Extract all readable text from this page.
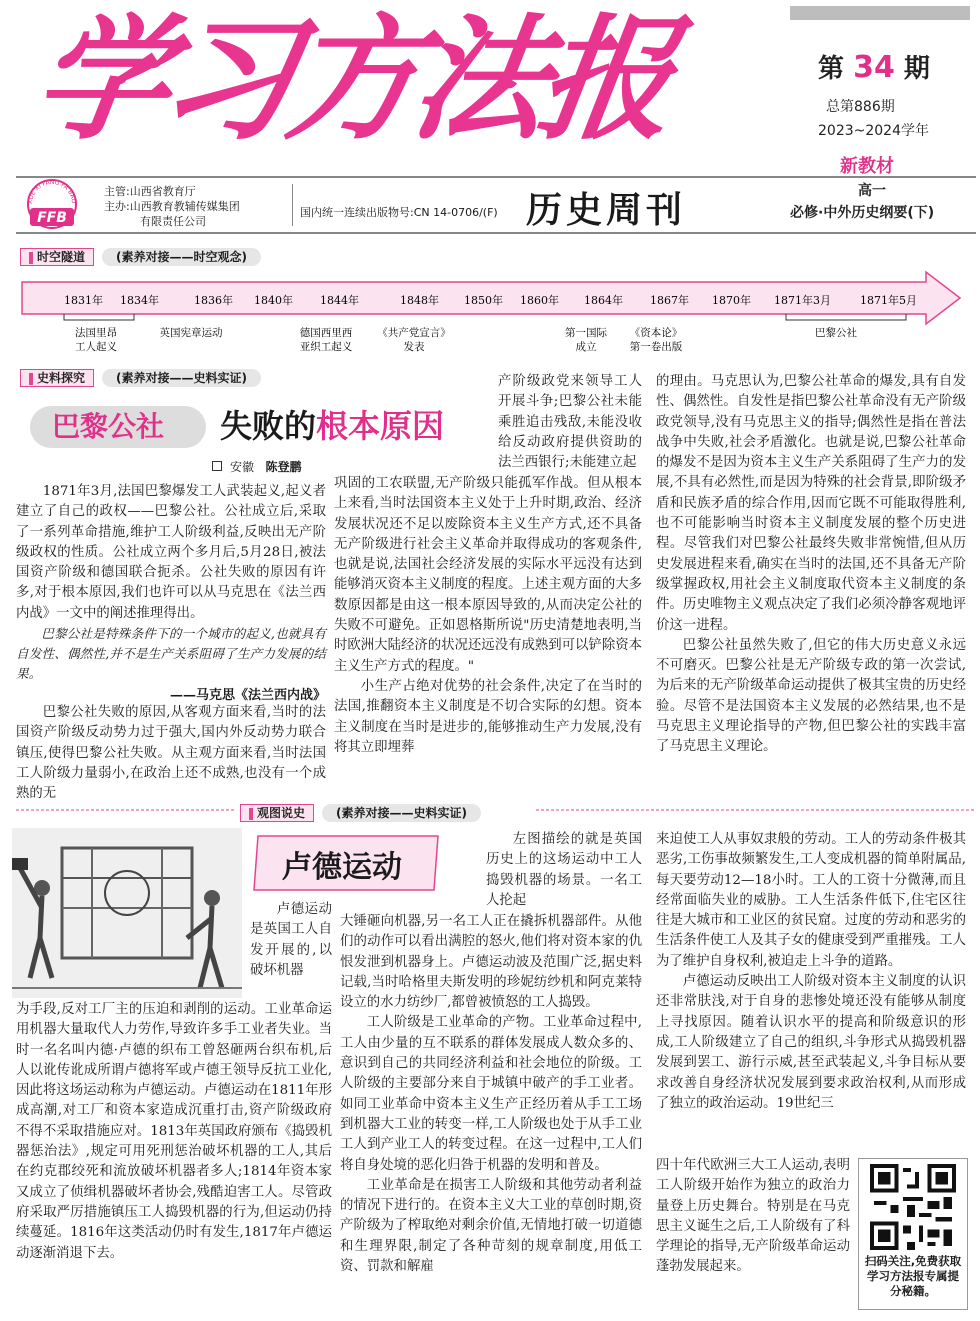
学习方法报	第 34 期
总第886期
2023~2024学年
新教材
高一
必修·中外历史纲要(下)
XUE XI FANG FA BAO
FFB
主管:山西省教育厅
主办:山西教育教辅传媒集团
有限责任公司
国内统一连续出版物号:CN 14-0706/(F) 历史周刊
时空隧道	(素养对接——时空观念)
1831年 1834年	1836年 1840年 1844年	1848年 1850年 1860年 1864年 1867年 1870年 1871年3月	1871年5月
法国里昂
工人起义
英国宪章运动	德国西里西
亚织工起义
《共产党宣言》
发表
第一国际
成立
《资本论》
第一卷出版
巴黎公社
史料探究	(素养对接——史料实证)
巴黎公社 失败的根本原因
安徽 陈登鹏

1871年3月,法国巴黎爆发工人武装起义,起义者建立了自己的政权——巴黎公社。公社成立后,采取了一系列革命措施,维护工人阶级利益,反映出无产阶级政权的性质。公社成立两个多月后,5月28日,被法国资产阶级和德国联合扼杀。公社失败的原因有许多,对于根本原因,我们也许可以从马克思在《法兰西内战》一文中的阐述推理得出。

巴黎公社是特殊条件下的一个城市的起义,也就具有自发性、偶然性,并不是生产关系阻碍了生产力发展的结果。

——马克思《法兰西内战》

巴黎公社失败的原因,从客观方面来看,当时的法国资产阶级反动势力过于强大,国内外反动势力联合镇压,使得巴黎公社失败。从主观方面来看,当时法国工人阶级力量弱小,在政治上还不成熟,也没有一个成熟的无

产阶级政党来领导工人开展斗争;巴黎公社未能乘胜追击残敌,未能没收给反动政府提供资助的法兰西银行;未能建立起

巩固的工农联盟,无产阶级只能孤军作战。但从根本上来看,当时法国资本主义处于上升时期,政治、经济发展状况还不足以废除资本主义生产方式,还不具备无产阶级进行社会主义革命并取得成功的客观条件,也就是说,法国社会经济发展的实际水平远没有达到能够消灭资本主义制度的程度。上述主观方面的大多数原因都是由这一根本原因导致的,从而决定公社的失败不可避免。正如恩格斯所说"历史清楚地表明,当时欧洲大陆经济的状况还远没有成熟到可以铲除资本主义生产方式的程度。"

小生产占绝对优势的社会条件,决定了在当时的法国,推翻资本主义制度是不切合实际的幻想。资本主义制度在当时是进步的,能够推动生产力发展,没有将其立即埋葬

的理由。马克思认为,巴黎公社革命的爆发,具有自发性、偶然性。自发性是指巴黎公社革命没有无产阶级政党领导,没有马克思主义的指导;偶然性是指在普法战争中失败,社会矛盾激化。也就是说,巴黎公社革命的爆发不是因为资本主义生产关系阻碍了生产力的发展,不具有必然性,而是因为特殊的社会背景,即阶级矛盾和民族矛盾的综合作用,因而它既不可能取得胜利,也不可能影响当时资本主义制度发展的整个历史进程。尽管我们对巴黎公社最终失败非常惋惜,但从历史发展进程来看,确实在当时的法国,还不具备无产阶级掌握政权,用社会主义制度取代资本主义制度的条件。历史唯物主义观点决定了我们必须冷静客观地评价这一进程。

巴黎公社虽然失败了,但它的伟大历史意义永远不可磨灭。巴黎公社是无产阶级专政的第一次尝试,为后来的无产阶级革命运动提供了极其宝贵的历史经验。尽管不是法国资本主义发展的必然结果,也不是马克思主义理论指导的产物,但巴黎公社的实践丰富了马克思主义理论。

观图说史	(素养对接——史料实证)
卢德运动

卢德运动是英国工人自发开展的,以破坏机器

为手段,反对工厂主的压迫和剥削的运动。工业革命运用机器大量取代人力劳作,导致许多手工业者失业。当时一名名叫内德·卢德的织布工曾怒砸两台织布机,后人以讹传讹成所谓卢德将军或卢德王领导反抗工业化,因此将这场运动称为卢德运动。卢德运动在1811年形成高潮,对工厂和资本家造成沉重打击,资产阶级政府不得不采取措施应对。1813年英国政府颁布《捣毁机器惩治法》,规定可用死刑惩治破坏机器的工人,其后在约克郡绞死和流放破坏机器者多人;1814年资本家又成立了侦缉机器破坏者协会,残酷迫害工人。尽管政府采取严厉措施镇压工人捣毁机器的行为,但运动仍持续蔓延。1816年这类活动仍时有发生,1817年卢德运动逐渐消退下去。

左图描绘的就是英国历史上的这场运动中工人捣毁机器的场景。一名工人抡起

大锤砸向机器,另一名工人正在撬拆机器部件。从他们的动作可以看出满腔的怒火,他们将对资本家的仇恨发泄到机器身上。卢德运动波及范围广泛,据史料记载,当时哈格里夫斯发明的珍妮纺纱机和阿克莱特设立的水力纺纱厂,都曾被愤怒的工人捣毁。

工人阶级是工业革命的产物。工业革命过程中,工人由少量的互不联系的群体发展成人数众多的、意识到自己的共同经济利益和社会地位的阶级。工人阶级的主要部分来自于城镇中破产的手工业者。如同工业革命中资本主义生产正经历着从手工工场到机器大工业的转变一样,工人阶级也处于从手工业工人到产业工人的转变过程。在这一过程中,工人们将自身处境的恶化归咎于机器的发明和普及。

工业革命是在损害工人阶级和其他劳动者利益的情况下进行的。在资本主义大工业的草创时期,资产阶级为了榨取绝对剩余价值,无情地打破一切道德和生理界限,制定了各种苛刻的规章制度,用低工资、罚款和解雇

来迫使工人从事奴隶般的劳动。工人的劳动条件极其恶劣,工伤事故频繁发生,工人变成机器的简单附属品,每天要劳动12—18小时。工人的工资十分微薄,而且经常面临失业的威胁。工人生活条件低下,住宅区往往是大城市和工业区的贫民窟。过度的劳动和恶劣的生活条件使工人及其子女的健康受到严重摧残。工人为了维护自身权利,被迫走上斗争的道路。

卢德运动反映出工人阶级对资本主义制度的认识还非常肤浅,对于自身的悲惨处境还没有能够从制度上寻找原因。随着认识水平的提高和阶级意识的形成,工人阶级建立了自己的组织,斗争形式从捣毁机器发展到罢工、游行示威,甚至武装起义,斗争目标从要求改善自身经济状况发展到要求政治权利,从而形成了独立的政治运动。19世纪三

四十年代欧洲三大工人运动,表明工人阶级开始作为独立的政治力量登上历史舞台。特别是在马克思主义诞生之后,工人阶级有了科学理论的指导,无产阶级革命运动蓬勃发展起来。	扫码关注,免费获取学习方法报专属提分秘籍。
